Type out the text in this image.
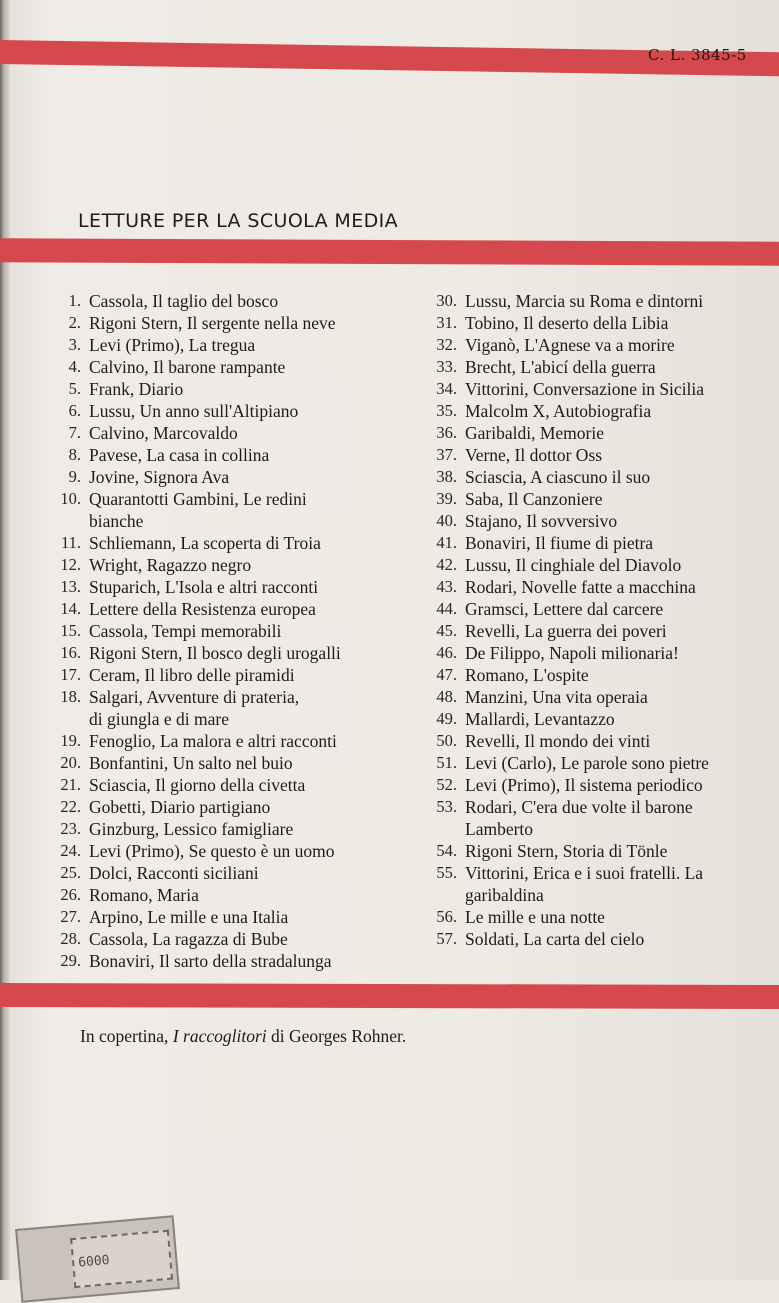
C. L. 3845-5
LETTURE PER LA SCUOLA MEDIA
1. Cassola, Il taglio del bosco
2. Rigoni Stern, Il sergente nella neve
3. Levi (Primo), La tregua
4. Calvino, Il barone rampante
5. Frank, Diario
6. Lussu, Un anno sull'Altipiano
7. Calvino, Marcovaldo
8. Pavese, La casa in collina
9. Jovine, Signora Ava
10. Quarantotti Gambini, Le redini
bianche
11. Schliemann, La scoperta di Troia
12. Wright, Ragazzo negro
13. Stuparich, L'Isola e altri racconti
14. Lettere della Resistenza europea
15. Cassola, Tempi memorabili
16. Rigoni Stern, Il bosco degli urogalli
17. Ceram, Il libro delle piramidi
18. Salgari, Avventure di prateria,
di giungla e di mare
19. Fenoglio, La malora e altri racconti
20. Bonfantini, Un salto nel buio
21. Sciascia, Il giorno della civetta
22. Gobetti, Diario partigiano
23. Ginzburg, Lessico famigliare
24. Levi (Primo), Se questo è un uomo
25. Dolci, Racconti siciliani
26. Romano, Maria
27. Arpino, Le mille e una Italia
28. Cassola, La ragazza di Bube
29. Bonaviri, Il sarto della stradalunga
30. Lussu, Marcia su Roma e dintorni
31. Tobino, Il deserto della Libia
32. Viganò, L'Agnese va a morire
33. Brecht, L'abicí della guerra
34. Vittorini, Conversazione in Sicilia
35. Malcolm X, Autobiografia
36. Garibaldi, Memorie
37. Verne, Il dottor Oss
38. Sciascia, A ciascuno il suo
39. Saba, Il Canzoniere
40. Stajano, Il sovversivo
41. Bonaviri, Il fiume di pietra
42. Lussu, Il cinghiale del Diavolo
43. Rodari, Novelle fatte a macchina
44. Gramsci, Lettere dal carcere
45. Revelli, La guerra dei poveri
46. De Filippo, Napoli milionaria!
47. Romano, L'ospite
48. Manzini, Una vita operaia
49. Mallardi, Levantazzo
50. Revelli, Il mondo dei vinti
51. Levi (Carlo), Le parole sono pietre
52. Levi (Primo), Il sistema periodico
53. Rodari, C'era due volte il barone
Lamberto
54. Rigoni Stern, Storia di Tönle
55. Vittorini, Erica e i suoi fratelli. La
garibaldina
56. Le mille e una notte
57. Soldati, La carta del cielo
In copertina, I raccoglitori di Georges Rohner.
6000
